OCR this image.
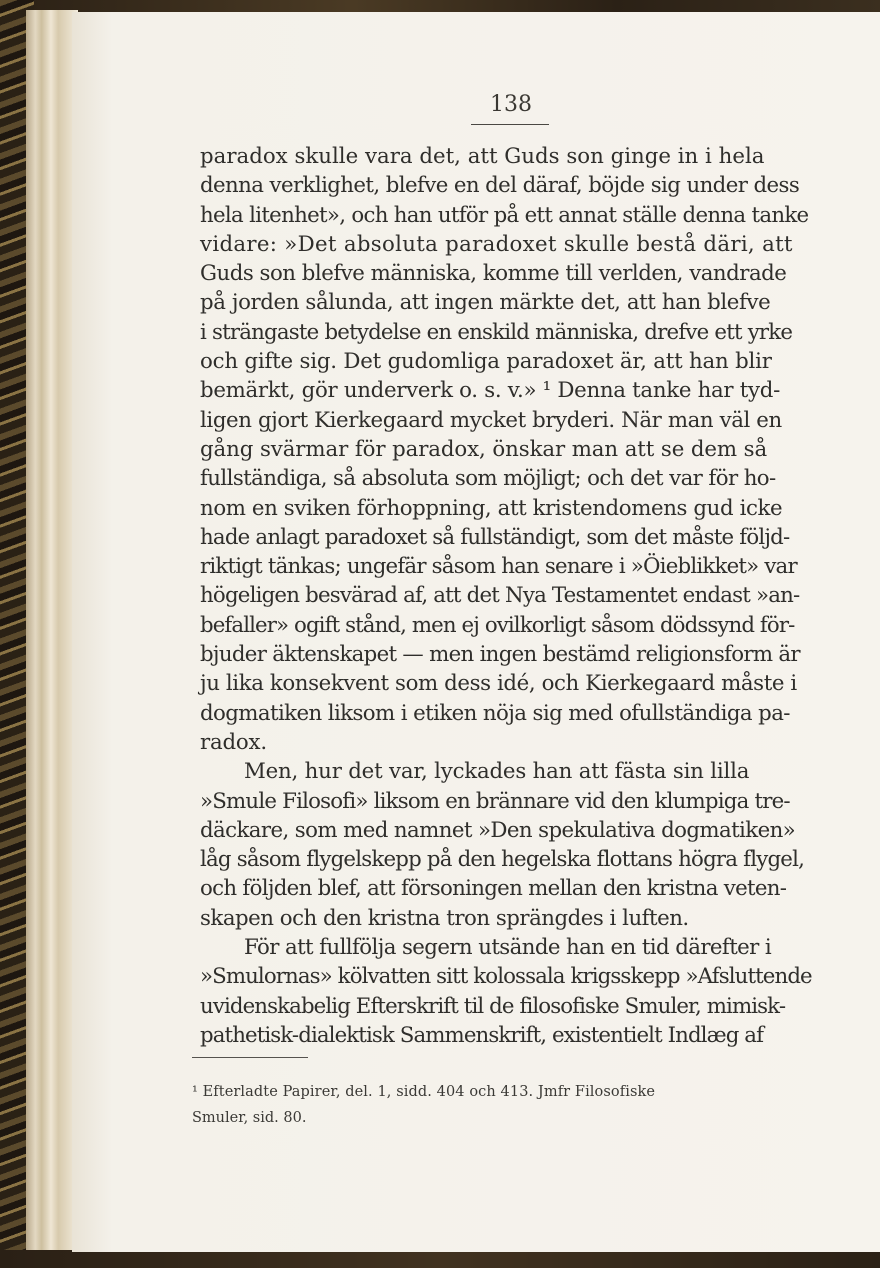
138
paradox skulle vara det, att Guds son ginge in i hela
denna verklighet, blefve en del däraf, böjde sig under dess
hela litenhet», och han utför på ett annat ställe denna tanke
vidare: »Det absoluta paradoxet skulle bestå däri, att
Guds son blefve människa, komme till verlden, vandrade
på jorden sålunda, att ingen märkte det, att han blefve
i strängaste betydelse en enskild människa, drefve ett yrke
och gifte sig. Det gudomliga paradoxet är, att han blir
bemärkt, gör underverk o. s. v.» ¹ Denna tanke har tyd-
ligen gjort Kierkegaard mycket bryderi. När man väl en
gång svärmar för paradox, önskar man att se dem så
fullständiga, så absoluta som möjligt; och det var för ho-
nom en sviken förhoppning, att kristendomens gud icke
hade anlagt paradoxet så fullständigt, som det måste följd-
riktigt tänkas; ungefär såsom han senare i »Öieblikket» var
högeligen besvärad af, att det Nya Testamentet endast »an-
befaller» ogift stånd, men ej ovilkorligt såsom dödssynd för-
bjuder äktenskapet — men ingen bestämd religionsform är
ju lika konsekvent som dess idé, och Kierkegaard måste i
dogmatiken liksom i etiken nöja sig med ofullständiga pa-
radox.
Men, hur det var, lyckades han att fästa sin lilla
»Smule Filosofi» liksom en brännare vid den klumpiga tre-
däckare, som med namnet »Den spekulativa dogmatiken»
låg såsom flygelskepp på den hegelska flottans högra flygel,
och följden blef, att försoningen mellan den kristna veten-
skapen och den kristna tron sprängdes i luften.
För att fullfölja segern utsände han en tid därefter i
»Smulornas» kölvatten sitt kolossala krigsskepp »Afsluttende
uvidenskabelig Efterskrift til de filosofiske Smuler, mimisk-
pathetisk-dialektisk Sammenskrift, existentielt Indlæg af
¹ Efterladte Papirer, del. 1, sidd. 404 och 413. Jmfr Filosofiske
Smuler, sid. 80.
